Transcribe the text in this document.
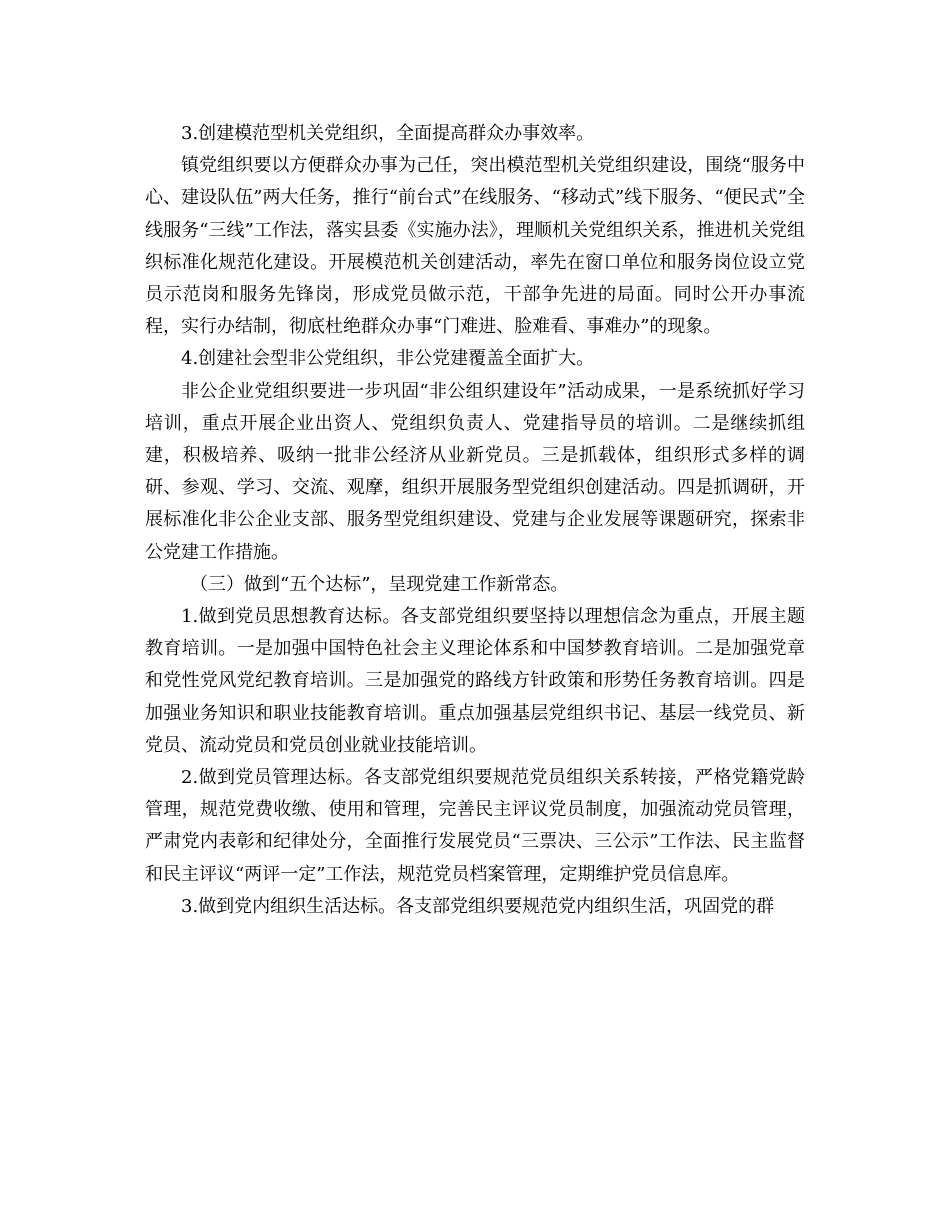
3.创建模范型机关党组织，全面提高群众办事效率。

镇党组织要以方便群众办事为己任，突出模范型机关党组织建设，围绕“服务中心、建设队伍”两大任务，推行“前台式”在线服务、“移动式”线下服务、“便民式”全线服务“三线”工作法，落实县委《实施办法》，理顺机关党组织关系，推进机关党组织标准化规范化建设。开展模范机关创建活动，率先在窗口单位和服务岗位设立党员示范岗和服务先锋岗，形成党员做示范，干部争先进的局面。同时公开办事流程，实行办结制，彻底杜绝群众办事“门难进、脸难看、事难办”的现象。

4.创建社会型非公党组织，非公党建覆盖全面扩大。

非公企业党组织要进一步巩固“非公组织建设年”活动成果，一是系统抓好学习培训，重点开展企业出资人、党组织负责人、党建指导员的培训。二是继续抓组建，积极培养、吸纳一批非公经济从业新党员。三是抓载体，组织形式多样的调研、参观、学习、交流、观摩，组织开展服务型党组织创建活动。四是抓调研，开展标准化非公企业支部、服务型党组织建设、党建与企业发展等课题研究，探索非公党建工作措施。

（三）做到“五个达标”，呈现党建工作新常态。

1.做到党员思想教育达标。各支部党组织要坚持以理想信念为重点，开展主题教育培训。一是加强中国特色社会主义理论体系和中国梦教育培训。二是加强党章和党性党风党纪教育培训。三是加强党的路线方针政策和形势任务教育培训。四是加强业务知识和职业技能教育培训。重点加强基层党组织书记、基层一线党员、新党员、流动党员和党员创业就业技能培训。

2.做到党员管理达标。各支部党组织要规范党员组织关系转接，严格党籍党龄管理，规范党费收缴、使用和管理，完善民主评议党员制度，加强流动党员管理，严肃党内表彰和纪律处分，全面推行发展党员“三票决、三公示”工作法、民主监督和民主评议“两评一定”工作法，规范党员档案管理，定期维护党员信息库。

3.做到党内组织生活达标。各支部党组织要规范党内组织生活，巩固党的群
